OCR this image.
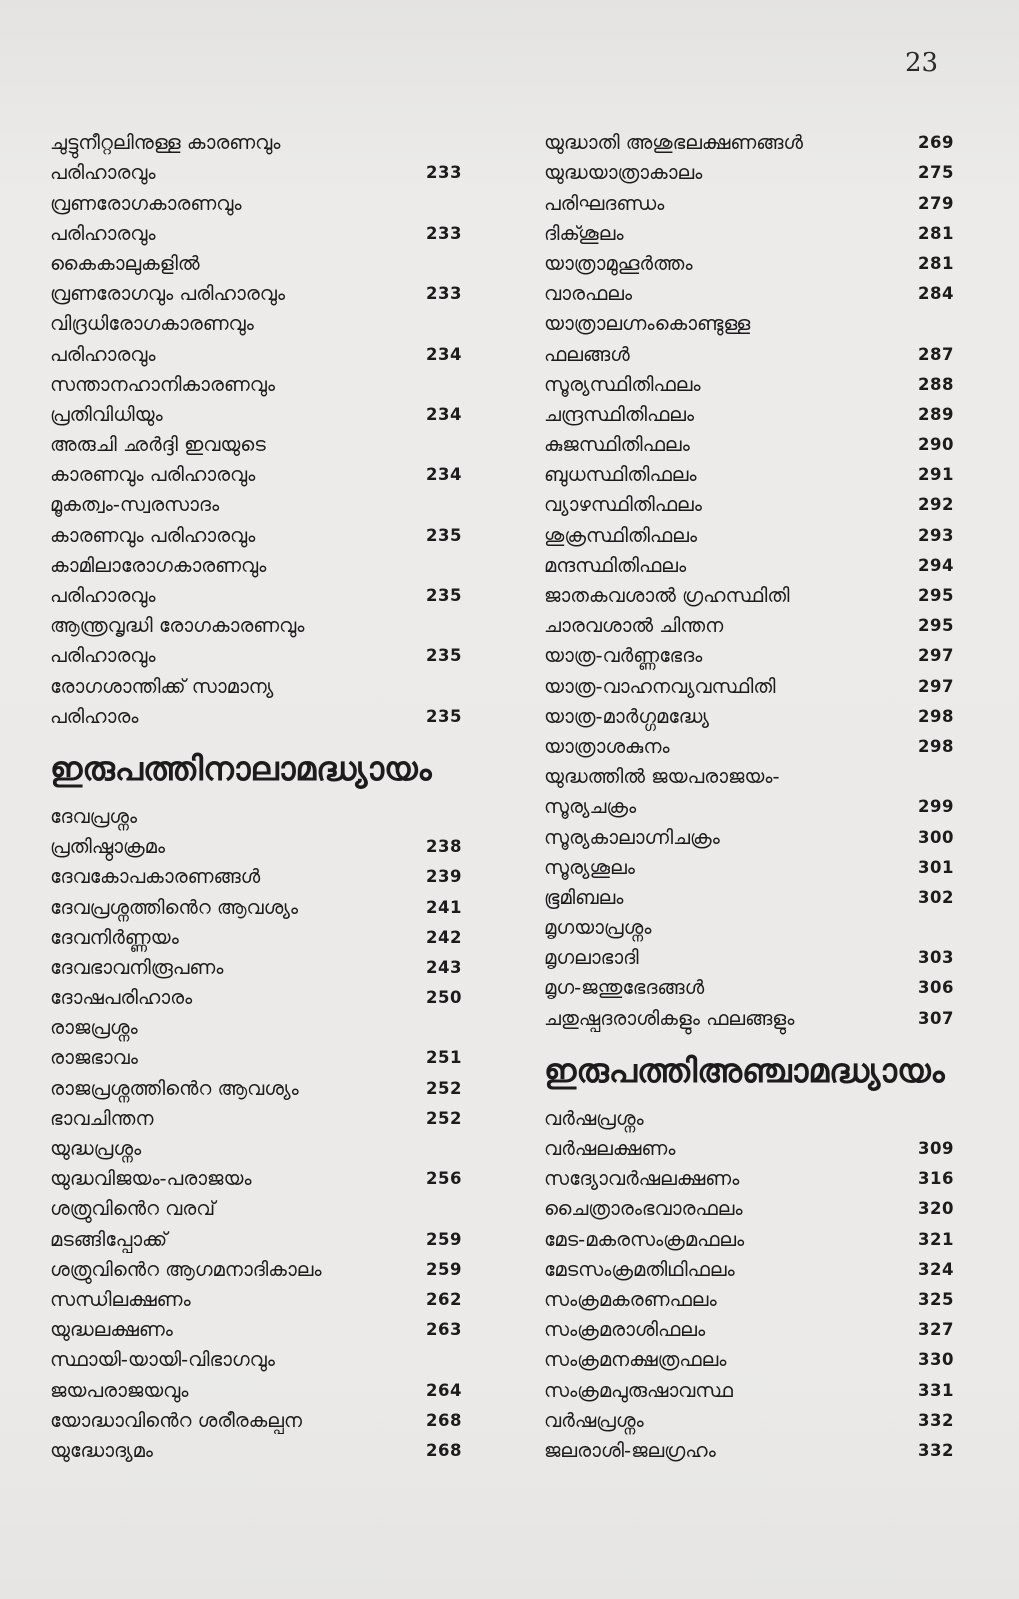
23
ചുട്ടുനീറ്റലിനുള്ള കാരണവും
പരിഹാരവും	233
വ്രണരോഗകാരണവും
പരിഹാരവും	233
കൈകാലുകളിൽ
വ്രണരോഗവും പരിഹാരവും	233
വിദ്രധിരോഗകാരണവും
പരിഹാരവും	234
സന്താനഹാനികാരണവും
പ്രതിവിധിയും	234
അരുചി ഛർദ്ദി ഇവയുടെ
കാരണവും പരിഹാരവും	234
മൂകത്വം-സ്വരസാദം
കാരണവും പരിഹാരവും	235
കാമിലാരോഗകാരണവും
പരിഹാരവും	235
ആന്ത്രവൃദ്ധി രോഗകാരണവും
പരിഹാരവും	235
രോഗശാന്തിക്ക് സാമാന്യ
പരിഹാരം	235
ഇരുപത്തിനാലാമദ്ധ്യായം
ദേവപ്രശ്നം
പ്രതിഷ്ഠാക്രമം	238
ദേവകോപകാരണങ്ങൾ	239
ദേവപ്രശ്നത്തിൻെറ ആവശ്യം	241
ദേവനിർണ്ണയം	242
ദേവഭാവനിരൂപണം	243
ദോഷപരിഹാരം	250
രാജപ്രശ്നം
രാജഭാവം	251
രാജപ്രശ്നത്തിൻെറ ആവശ്യം	252
ഭാവചിന്തന	252
യുദ്ധപ്രശ്നം
യുദ്ധവിജയം-പരാജയം	256
ശത്രുവിൻെറ വരവ്
മടങ്ങിപ്പോക്ക്	259
ശത്രുവിൻെറ ആഗമനാദികാലം	259
സന്ധിലക്ഷണം	262
യുദ്ധലക്ഷണം	263
സ്ഥായി-യായി-വിഭാഗവും
ജയപരാജയവും	264
യോദ്ധാവിൻെറ ശരീരകല്പന	268
യുദ്ധോദ്യമം	268
യുദ്ധാതി അശുഭലക്ഷണങ്ങൾ	269
യുദ്ധയാത്രാകാലം	275
പരിഘദണ്ഡം	279
ദിക്ശൂലം	281
യാത്രാമുഹൂർത്തം	281
വാരഫലം	284
യാത്രാലഗ്നംകൊണ്ടുള്ള
ഫലങ്ങൾ	287
സൂര്യസ്ഥിതിഫലം	288
ചന്ദ്രസ്ഥിതിഫലം	289
കുജസ്ഥിതിഫലം	290
ബുധസ്ഥിതിഫലം	291
വ്യാഴസ്ഥിതിഫലം	292
ശുക്രസ്ഥിതിഫലം	293
മന്ദസ്ഥിതിഫലം	294
ജാതകവശാൽ ഗ്രഹസ്ഥിതി	295
ചാരവശാൽ ചിന്തന	295
യാത്ര-വർണ്ണഭേദം	297
യാത്ര-വാഹനവ്യവസ്ഥിതി	297
യാത്ര-മാർഗ്ഗമദ്ധ്യേ	298
യാത്രാശകുനം	298
യുദ്ധത്തിൽ ജയപരാജയം-
സൂര്യചക്രം	299
സൂര്യകാലാഗ്നിചക്രം	300
സൂര്യശൂലം	301
ഭൂമിബലം	302
മൃഗയാപ്രശ്നം
മൃഗലാഭാദി	303
മൃഗ-ജന്തുഭേദങ്ങൾ	306
ചതുഷ്പദരാശികളും ഫലങ്ങളും	307
ഇരുപത്തിഅഞ്ചാമദ്ധ്യായം
വർഷപ്രശ്നം
വർഷലക്ഷണം	309
സദ്യോവർഷലക്ഷണം	316
ചൈത്രാരംഭവാരഫലം	320
മേട-മകരസംക്രമഫലം	321
മേടസംക്രമതിഥിഫലം	324
സംക്രമകരണഫലം	325
സംക്രമരാശിഫലം	327
സംക്രമനക്ഷത്രഫലം	330
സംക്രമപുരുഷാവസ്ഥ	331
വർഷപ്രശ്നം	332
ജലരാശി-ജലഗ്രഹം	332
